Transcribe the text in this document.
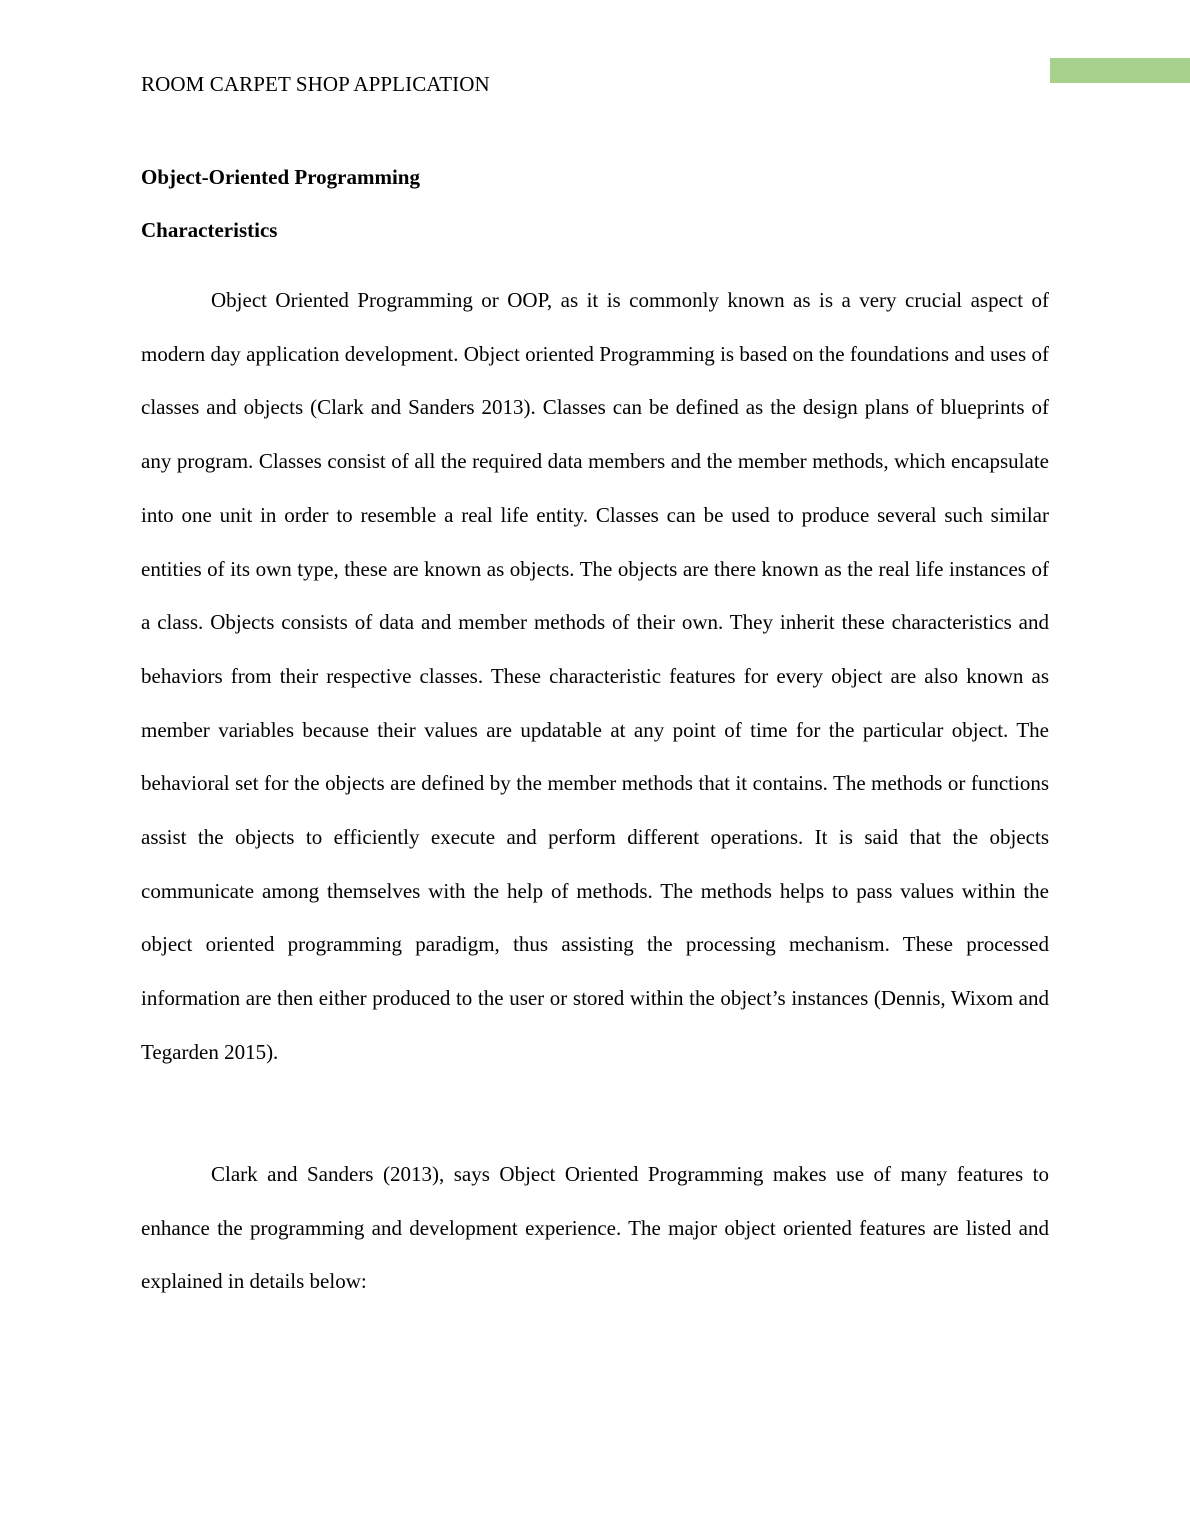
ROOM CARPET SHOP APPLICATION
Object-Oriented Programming
Characteristics

Object Oriented Programming or OOP, as it is commonly known as is a very crucial aspect of modern day application development. Object oriented Programming is based on the foundations and uses of classes and objects (Clark and Sanders 2013). Classes can be defined as the design plans of blueprints of any program. Classes consist of all the required data members and the member methods, which encapsulate into one unit in order to resemble a real life entity. Classes can be used to produce several such similar entities of its own type, these are known as objects. The objects are there known as the real life instances of a class. Objects consists of data and member methods of their own. They inherit these characteristics and behaviors from their respective classes. These characteristic features for every object are also known as member variables because their values are updatable at any point of time for the particular object. The behavioral set for the objects are defined by the member methods that it contains. The methods or functions assist the objects to efficiently execute and perform different operations. It is said that the objects communicate among themselves with the help of methods. The methods helps to pass values within the object oriented programming paradigm, thus assisting the processing mechanism. These processed information are then either produced to the user or stored within the object’s instances (Dennis, Wixom and Tegarden 2015).

Clark and Sanders (2013), says Object Oriented Programming makes use of many features to enhance the programming and development experience. The major object oriented features are listed and explained in details below:
